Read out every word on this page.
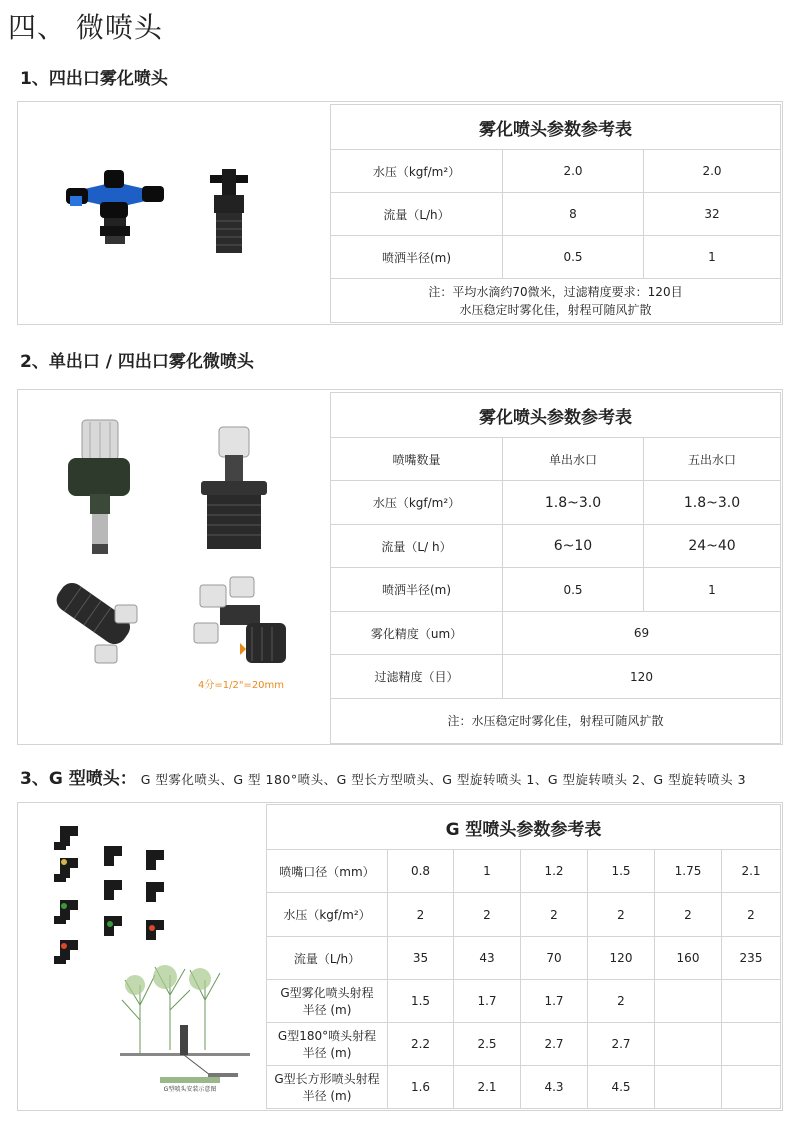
四、 微喷头
1、四出口雾化喷头
雾化喷头参数参考表		
水压（kgf/m²）	2.0	2.0
流量（L/h）	8	32
喷洒半径(m)	0.5	1

注：平均水滴约70微米，过滤精度要求：120目
水压稳定时雾化佳，射程可随风扩散		
2、单出口 / 四出口雾化微喷头
4分=1/2"=20mm
雾化喷头参数参考表		
喷嘴数量	单出水口	五出水口
水压（kgf/m²）	1.8~3.0	1.8~3.0
流量（L/ h）	6~10	24~40
喷洒半径(m)	0.5	1
雾化精度（um）	69	
过滤精度（目）	120	
注：水压稳定时雾化佳，射程可随风扩散		
3、G 型喷头： G 型雾化喷头、G 型 180°喷头、G 型长方型喷头、G 型旋转喷头 1、G 型旋转喷头 2、G 型旋转喷头 3
G型喷头安装示意图
G 型喷头参数参考表						
喷嘴口径（mm）	0.8	1	1.2	1.5	1.75	2.1
水压（kgf/m²）	2	2	2	2	2	2
流量（L/h）	35	43	70	120	160	235

G型雾化喷头射程
半径 (m)	1.5	1.7	1.7	2		

G型180°喷头射程
半径 (m)	2.2	2.5	2.7	2.7		

G型长方形喷头射程
半径 (m)	1.6	2.1	4.3	4.5		
